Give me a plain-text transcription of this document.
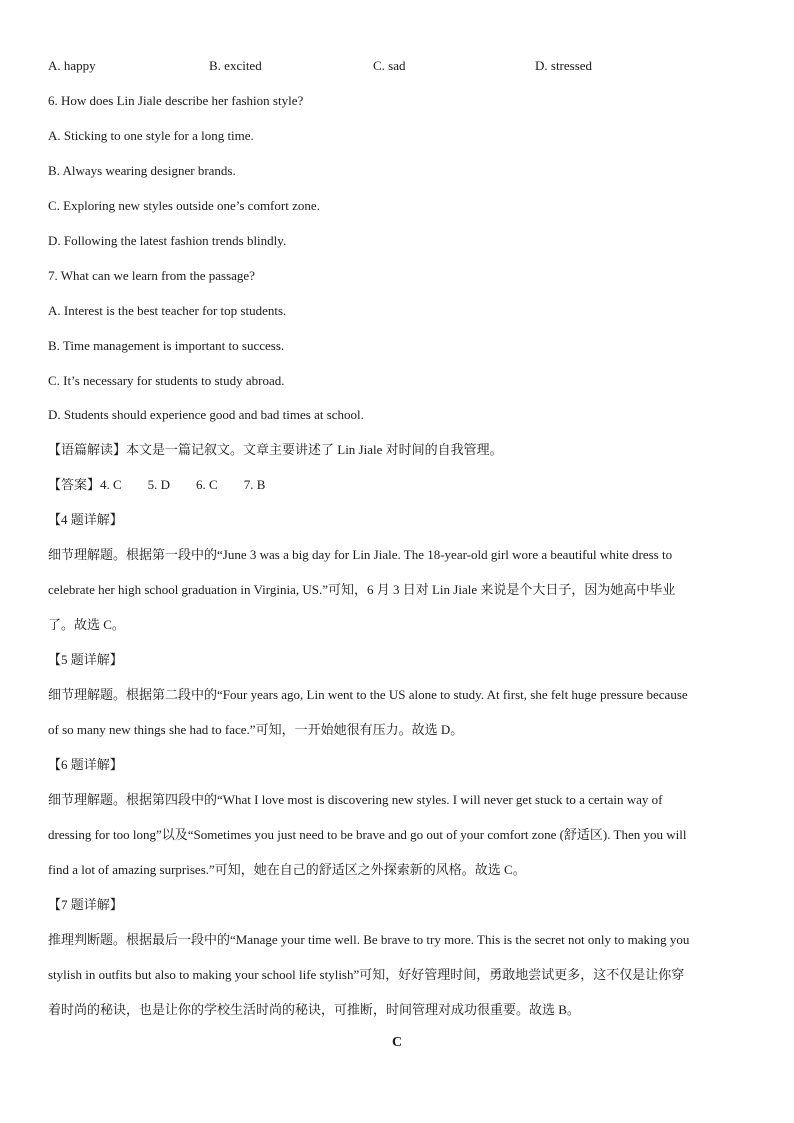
A. happy	B. excited	C. sad	D. stressed
6. How does Lin Jiale describe her fashion style?
A. Sticking to one style for a long time.
B. Always wearing designer brands.
C. Exploring new styles outside one’s comfort zone.
D. Following the latest fashion trends blindly.
7. What can we learn from the passage?
A. Interest is the best teacher for top students.
B. Time management is important to success.
C. It’s necessary for students to study abroad.
D. Students should experience good and bad times at school.
【语篇解读】本文是一篇记叙文。文章主要讲述了 Lin Jiale 对时间的自我管理。
【答案】4. C        5. D        6. C        7. B
【4 题详解】
细节理解题。根据第一段中的“June 3 was a big day for Lin Jiale. The 18-year-old girl wore a beautiful white dress to
celebrate her high school graduation in Virginia, US.”可知，6 月 3 日对 Lin Jiale 来说是个大日子，因为她高中毕业
了。故选 C。
【5 题详解】
细节理解题。根据第二段中的“Four years ago, Lin went to the US alone to study. At first, she felt huge pressure because
of so many new things she had to face.”可知，一开始她很有压力。故选 D。
【6 题详解】
细节理解题。根据第四段中的“What I love most is discovering new styles. I will never get stuck to a certain way of
dressing for too long”以及“Sometimes you just need to be brave and go out of your comfort zone (舒适区). Then you will
find a lot of amazing surprises.”可知，她在自己的舒适区之外探索新的风格。故选 C。
【7 题详解】
推理判断题。根据最后一段中的“Manage your time well. Be brave to try more. This is the secret not only to making you
stylish in outfits but also to making your school life stylish”可知，好好管理时间，勇敢地尝试更多，这不仅是让你穿
着时尚的秘诀，也是让你的学校生活时尚的秘诀，可推断，时间管理对成功很重要。故选 B。
C
